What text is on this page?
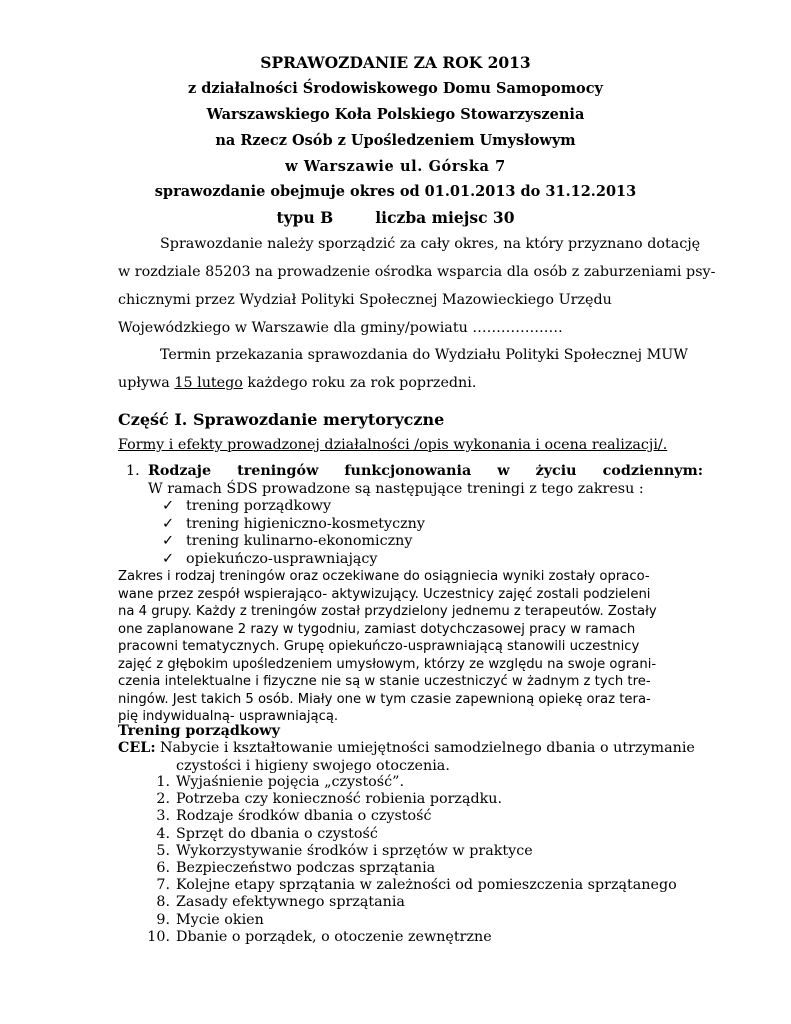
SPRAWOZDANIE ZA ROK 2013
z działalności Środowiskowego Domu Samopomocy
Warszawskiego Koła Polskiego Stowarzyszenia
na Rzecz Osób z Upośledzeniem Umysłowym
w Warszawie ul. Górska 7
sprawozdanie obejmuje okres od 01.01.2013 do 31.12.2013
typu B	liczba miejsc 30
Sprawozdanie należy sporządzić za cały okres, na który przyznano dotację
w rozdziale 85203 na prowadzenie ośrodka wsparcia dla osób z zaburzeniami psy-
chicznymi przez Wydział Polityki Społecznej Mazowieckiego Urzędu
Wojewódzkiego w Warszawie dla gminy/powiatu ……………….
Termin przekazania sprawozdania do Wydziału Polityki Społecznej MUW
upływa 15 lutego każdego roku za rok poprzedni.
Część I. Sprawozdanie merytoryczne
Formy i efekty prowadzonej działalności /opis wykonania i ocena realizacji/.
1. Rodzaje treningów funkcjonowania w życiu codziennym:
W ramach ŚDS prowadzone są następujące treningi z tego zakresu :
✓ trening porządkowy
✓ trening higieniczno-kosmetyczny
✓ trening kulinarno-ekonomiczny
✓ opiekuńczo-usprawniający
Zakres i rodzaj treningów oraz oczekiwane do osiągniecia wyniki zostały opraco-
wane przez zespół wspierająco- aktywizujący. Uczestnicy zajęć zostali podzieleni
na 4 grupy. Każdy z treningów został przydzielony jednemu z terapeutów. Zostały
one zaplanowane 2 razy w tygodniu, zamiast dotychczasowej pracy w ramach
pracowni tematycznych. Grupę opiekuńczo-usprawniającą stanowili uczestnicy
zajęć z głębokim upośledzeniem umysłowym, którzy ze względu na swoje ograni-
czenia intelektualne i fizyczne nie są w stanie uczestniczyć w żadnym z tych tre-
ningów. Jest takich 5 osób. Miały one w tym czasie zapewnioną opiekę oraz tera-
pię indywidualną- usprawniającą.
Trening porządkowy
CEL: Nabycie i kształtowanie umiejętności samodzielnego dbania o utrzymanie
czystości i higieny swojego otoczenia.
1. Wyjaśnienie pojęcia „czystość”.
2. Potrzeba czy konieczność robienia porządku.
3. Rodzaje środków dbania o czystość
4. Sprzęt do dbania o czystość
5. Wykorzystywanie środków i sprzętów w praktyce
6. Bezpieczeństwo podczas sprzątania
7. Kolejne etapy sprzątania w zależności od pomieszczenia sprzątanego
8. Zasady efektywnego sprzątania
9. Mycie okien
10. Dbanie o porządek, o otoczenie zewnętrzne
